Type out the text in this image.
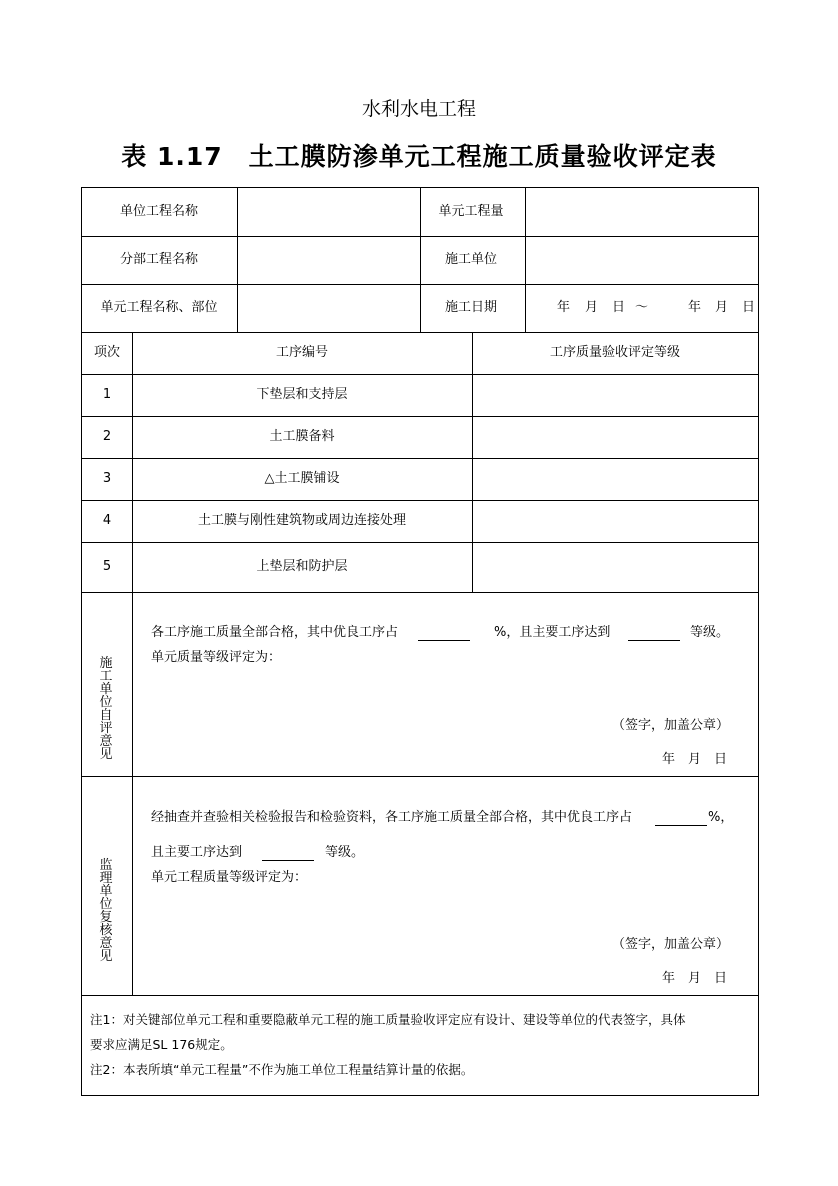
水利水电工程
表 1.17　土工膜防渗单元工程施工质量验收评定表
单位工程名称	单元工程量
分部工程名称	施工单位
单元工程名称、部位	施工日期	年 月 日 ～	年 月 日
项次	工序编号	工序质量验收评定等级
1	下垫层和支持层
2	土工膜备料
3	△土工膜铺设
4	土工膜与刚性建筑物或周边连接处理
5	上垫层和防护层
施工单位自评意见
各工序施工质量全部合格，其中优良工序占	%，且主要工序达到	等级。
单元质量等级评定为：
（签字，加盖公章）
年　月　日
监理单位复核意见
经抽查并查验相关检验报告和检验资料，各工序施工质量全部合格，其中优良工序占	%，
且主要工序达到	等级。
单元工程质量等级评定为：
（签字，加盖公章）
年　月　日
注1：对关键部位单元工程和重要隐蔽单元工程的施工质量验收评定应有设计、建设等单位的代表签字，具体
要求应满足SL 176规定。
注2：本表所填“单元工程量”不作为施工单位工程量结算计量的依据。
